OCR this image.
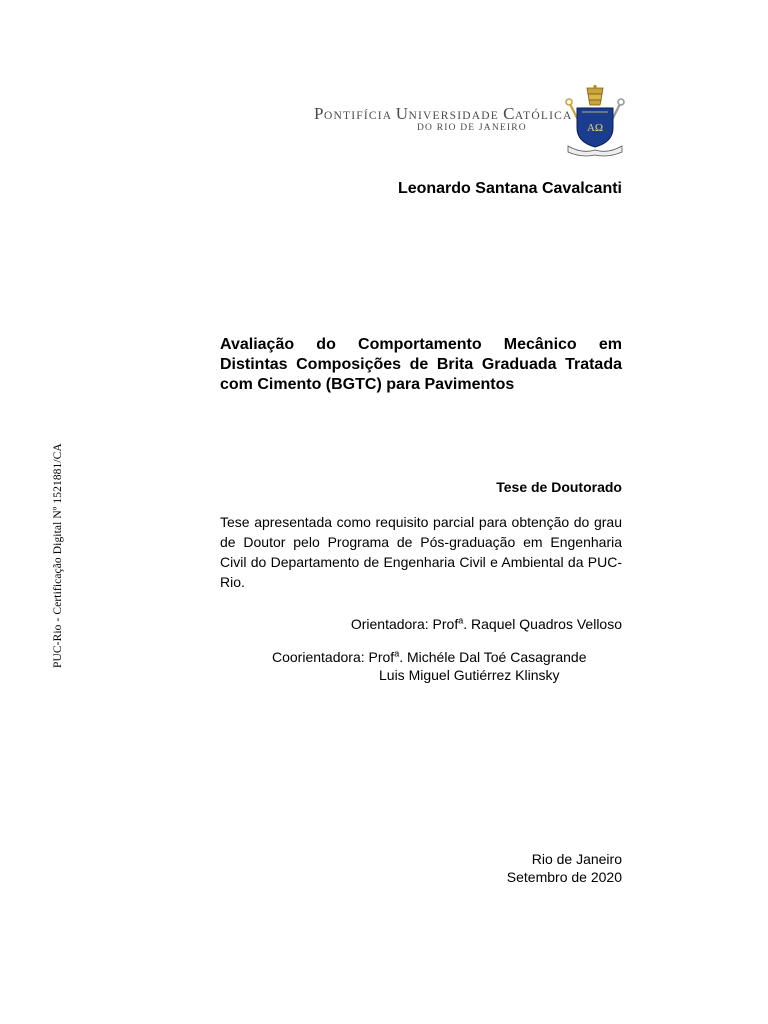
PUC-Rio - Certificação Digital Nº 1521881/CA
PONTIFÍCIA UNIVERSIDADE CATÓLICA
DO RIO DE JANEIRO	AΩ
Leonardo Santana Cavalcanti
Avaliação do Comportamento Mecânico em Distintas Composições de Brita Graduada Tratada com Cimento (BGTC) para Pavimentos
Tese de Doutorado
Tese apresentada como requisito parcial para obtenção do grau de Doutor pelo Programa de Pós-graduação em Engenharia Civil do Departamento de Engenharia Civil e Ambiental da PUC-Rio.
Orientadora: Prof$^a$. Raquel Quadros Velloso
Coorientadora: Prof$^a$. Michéle Dal Toé Casagrande
Luis Miguel Gutiérrez Klinsky
Rio de Janeiro
Setembro de 2020
